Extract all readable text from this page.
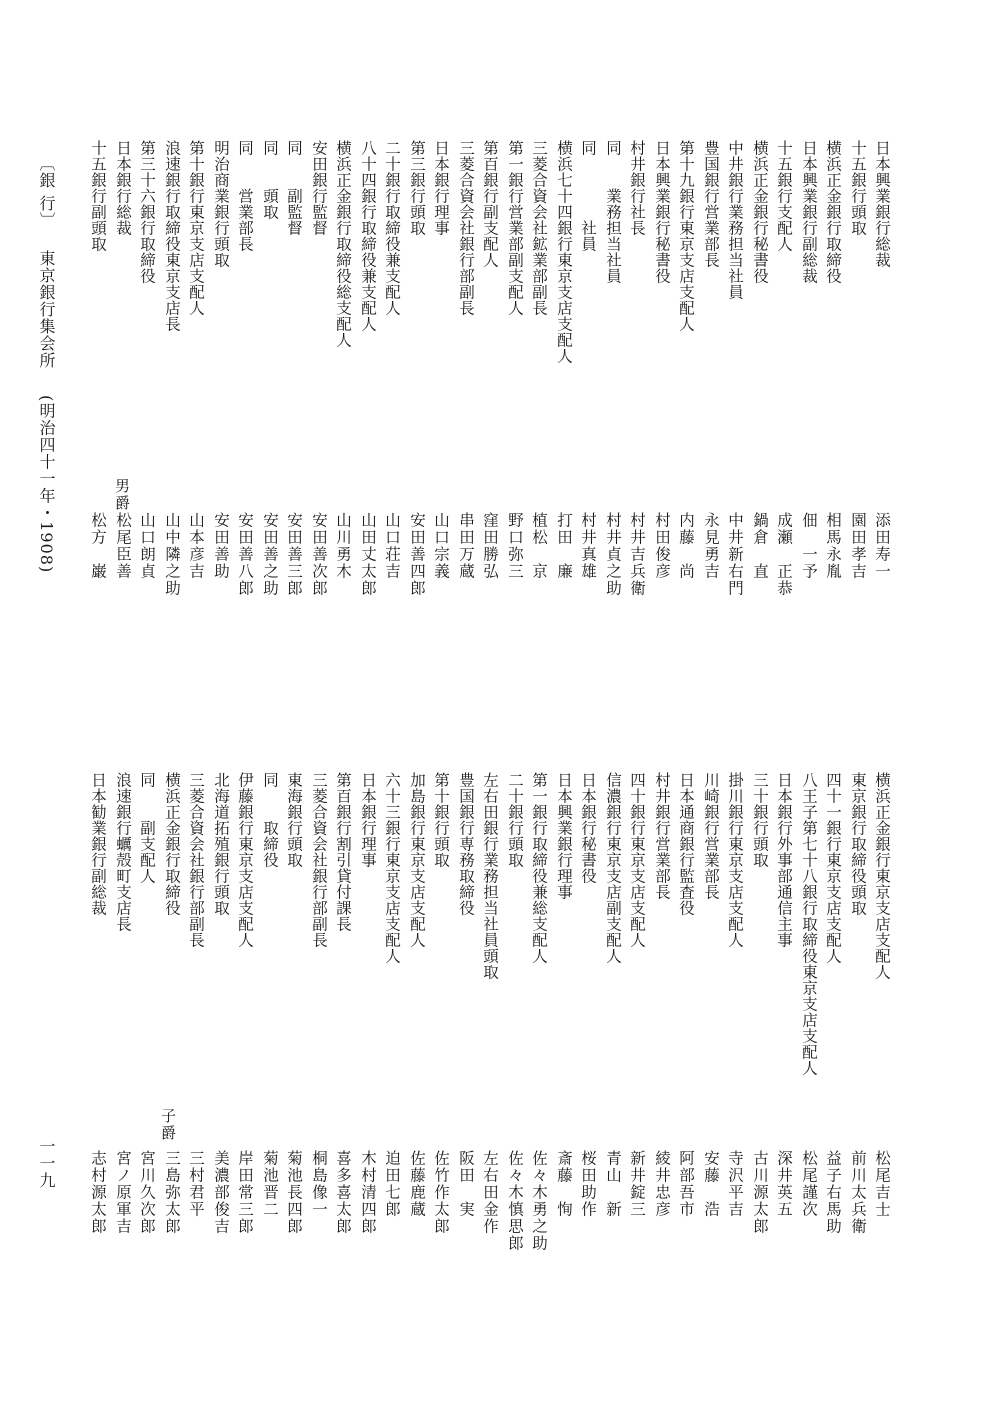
〔銀 行〕
東京銀行集会所
(明治四十一年・1908)	男爵
子爵
一一九
日本興業銀行総裁
添田寿一
十五銀行頭取
園田孝吉
横浜正金銀行取締役
相馬永胤
日本興業銀行副総裁
佃　一予
十五銀行支配人
成瀬　正恭
横浜正金銀行秘書役
鍋倉　直
中井銀行業務担当社員
中井新右門
豊国銀行営業部長
永見勇吉
第十九銀行東京支店支配人
内藤　尚
日本興業銀行秘書役
村田俊彦
村井銀行社長
村井吉兵衛
同　　業務担当社員
村井貞之助
同　　　　社員
村井真雄
横浜七十四銀行東京支店支配人
打田　廉
三菱合資会社鉱業部副長
植松　京
第一銀行営業部副支配人
野口弥三
第百銀行副支配人
窪田勝弘
三菱合資会社銀行部副長
串田万蔵
日本銀行理事
山口宗義
第三銀行頭取
安田善四郎
二十銀行取締役兼支配人
山口荘吉
八十四銀行取締役兼支配人
山田丈太郎
横浜正金銀行取締役総支配人
山川勇木
安田銀行監督
安田善次郎
同　　副監督
安田善三郎
同　　頭取
安田善之助
同　　営業部長
安田善八郎
明治商業銀行頭取
安田善助
第十銀行東京支店支配人
山本彦吉
浪速銀行取締役東京支店長
山中隣之助
第三十六銀行取締役
山口朗貞
日本銀行総裁
松尾臣善
十五銀行副頭取
松方　巌
横浜正金銀行東京支店支配人
松尾吉士
東京銀行取締役頭取
前川太兵衛
四十一銀行東京支店支配人
益子右馬助
八王子第七十八銀行取締役東京支店支配人
松尾謹次
日本銀行外事部通信主事
深井英五
三十銀行頭取
古川源太郎
掛川銀行東京支店支配人
寺沢平吉
川崎銀行営業部長
安藤　浩
日本通商銀行監査役
阿部吾市
村井銀行営業部長
綾井忠彦
四十銀行東京支店支配人
新井錠三
信濃銀行東京支店副支配人
青山　新
日本銀行秘書役
桜田助作
日本興業銀行理事
斎藤　恂
第一銀行取締役兼総支配人
佐々木勇之助
二十銀行頭取
佐々木慎思郎
左右田銀行業務担当社員頭取
左右田金作
豊国銀行専務取締役
阪田　実
第十銀行頭取
佐竹作太郎
加島銀行東京支店支配人
佐藤鹿蔵
六十三銀行東京支店支配人
迫田七郎
日本銀行理事
木村清四郎
第百銀行割引貸付課長
喜多喜太郎
三菱合資会社銀行部副長
桐島像一
東海銀行頭取
菊池長四郎
同　　取締役
菊池晋二
伊藤銀行東京支店支配人
岸田常三郎
北海道拓殖銀行頭取
美濃部俊吉
三菱合資会社銀行部副長
三村君平
横浜正金銀行取締役
三島弥太郎
同　　副支配人
宮川久次郎
浪速銀行蠣殻町支店長
宮ノ原軍吉
日本勧業銀行副総裁
志村源太郎
